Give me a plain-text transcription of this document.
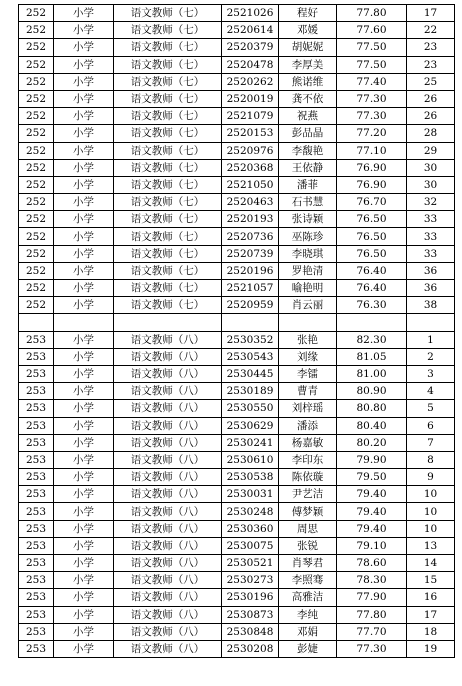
252	小学	语文教师（七）	2521026	程好	77.80	17
252	小学	语文教师（七）	2520614	邓媛	77.60	22
252	小学	语文教师（七）	2520379	胡妮妮	77.50	23
252	小学	语文教师（七）	2520478	李厚美	77.50	23
252	小学	语文教师（七）	2520262	熊诺维	77.40	25
252	小学	语文教师（七）	2520019	龚不依	77.30	26
252	小学	语文教师（七）	2521079	祝燕	77.30	26
252	小学	语文教师（七）	2520153	彭品晶	77.20	28
252	小学	语文教师（七）	2520976	李馥艳	77.10	29
252	小学	语文教师（七）	2520368	王依静	76.90	30
252	小学	语文教师（七）	2521050	潘菲	76.90	30
252	小学	语文教师（七）	2520463	石书慧	76.70	32
252	小学	语文教师（七）	2520193	张诗颖	76.50	33
252	小学	语文教师（七）	2520736	巫陈珍	76.50	33
252	小学	语文教师（七）	2520739	李晓琪	76.50	33
252	小学	语文教师（七）	2520196	罗艳清	76.40	36
252	小学	语文教师（七）	2521057	喻艳明	76.40	36
252	小学	语文教师（七）	2520959	肖云丽	76.30	38

253	小学	语文教师（八）	2530352	张艳	82.30	1
253	小学	语文教师（八）	2530543	刘缘	81.05	2
253	小学	语文教师（八）	2530445	李镭	81.00	3
253	小学	语文教师（八）	2530189	曹青	80.90	4
253	小学	语文教师（八）	2530550	刘梓瑶	80.80	5
253	小学	语文教师（八）	2530629	潘添	80.40	6
253	小学	语文教师（八）	2530241	杨嘉敏	80.20	7
253	小学	语文教师（八）	2530610	李印东	79.90	8
253	小学	语文教师（八）	2530538	陈依璇	79.50	9
253	小学	语文教师（八）	2530031	尹艺洁	79.40	10
253	小学	语文教师（八）	2530248	傅梦颖	79.40	10
253	小学	语文教师（八）	2530360	周思	79.40	10
253	小学	语文教师（八）	2530075	张锐	79.10	13
253	小学	语文教师（八）	2530521	肖琴君	78.60	14
253	小学	语文教师（八）	2530273	李照骞	78.30	15
253	小学	语文教师（八）	2530196	高雅洁	77.90	16
253	小学	语文教师（八）	2530873	李纯	77.80	17
253	小学	语文教师（八）	2530848	邓娟	77.70	18
253	小学	语文教师（八）	2530208	彭婕	77.30	19
